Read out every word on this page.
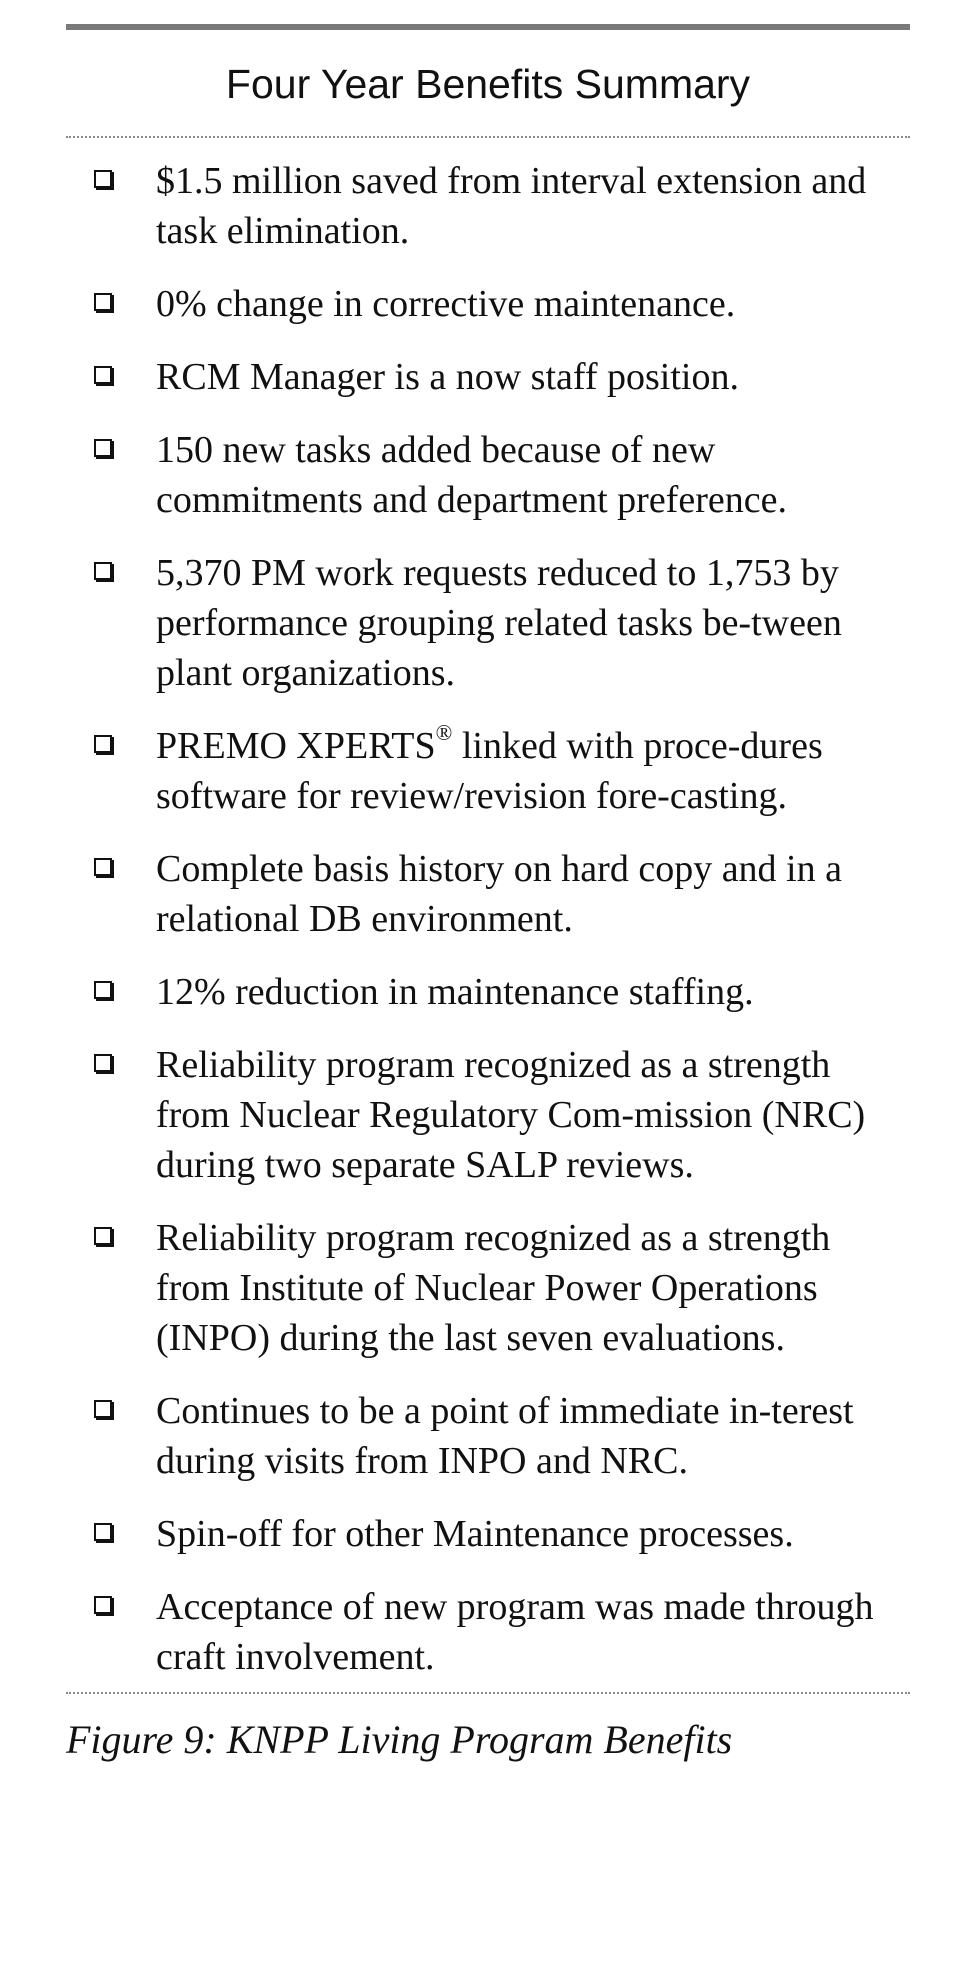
Four Year Benefits Summary
$1.5 million saved from interval extension and task elimination.
0% change in corrective maintenance.
RCM Manager is a now staff position.
150 new tasks added because of new commitments and department preference.
5,370 PM work requests reduced to 1,753 by performance grouping related tasks be-tween plant organizations.
PREMO XPERTS® linked with proce-dures software for review/revision fore-casting.
Complete basis history on hard copy and in a relational DB environment.
12% reduction in maintenance staffing.
Reliability program recognized as a strength from Nuclear Regulatory Com-mission (NRC) during two separate SALP reviews.
Reliability program recognized as a strength from Institute of Nuclear Power Operations (INPO) during the last seven evaluations.
Continues to be a point of immediate in-terest during visits from INPO and NRC.
Spin-off for other Maintenance processes.
Acceptance of new program was made through craft involvement.
Figure 9: KNPP Living Program Benefits
